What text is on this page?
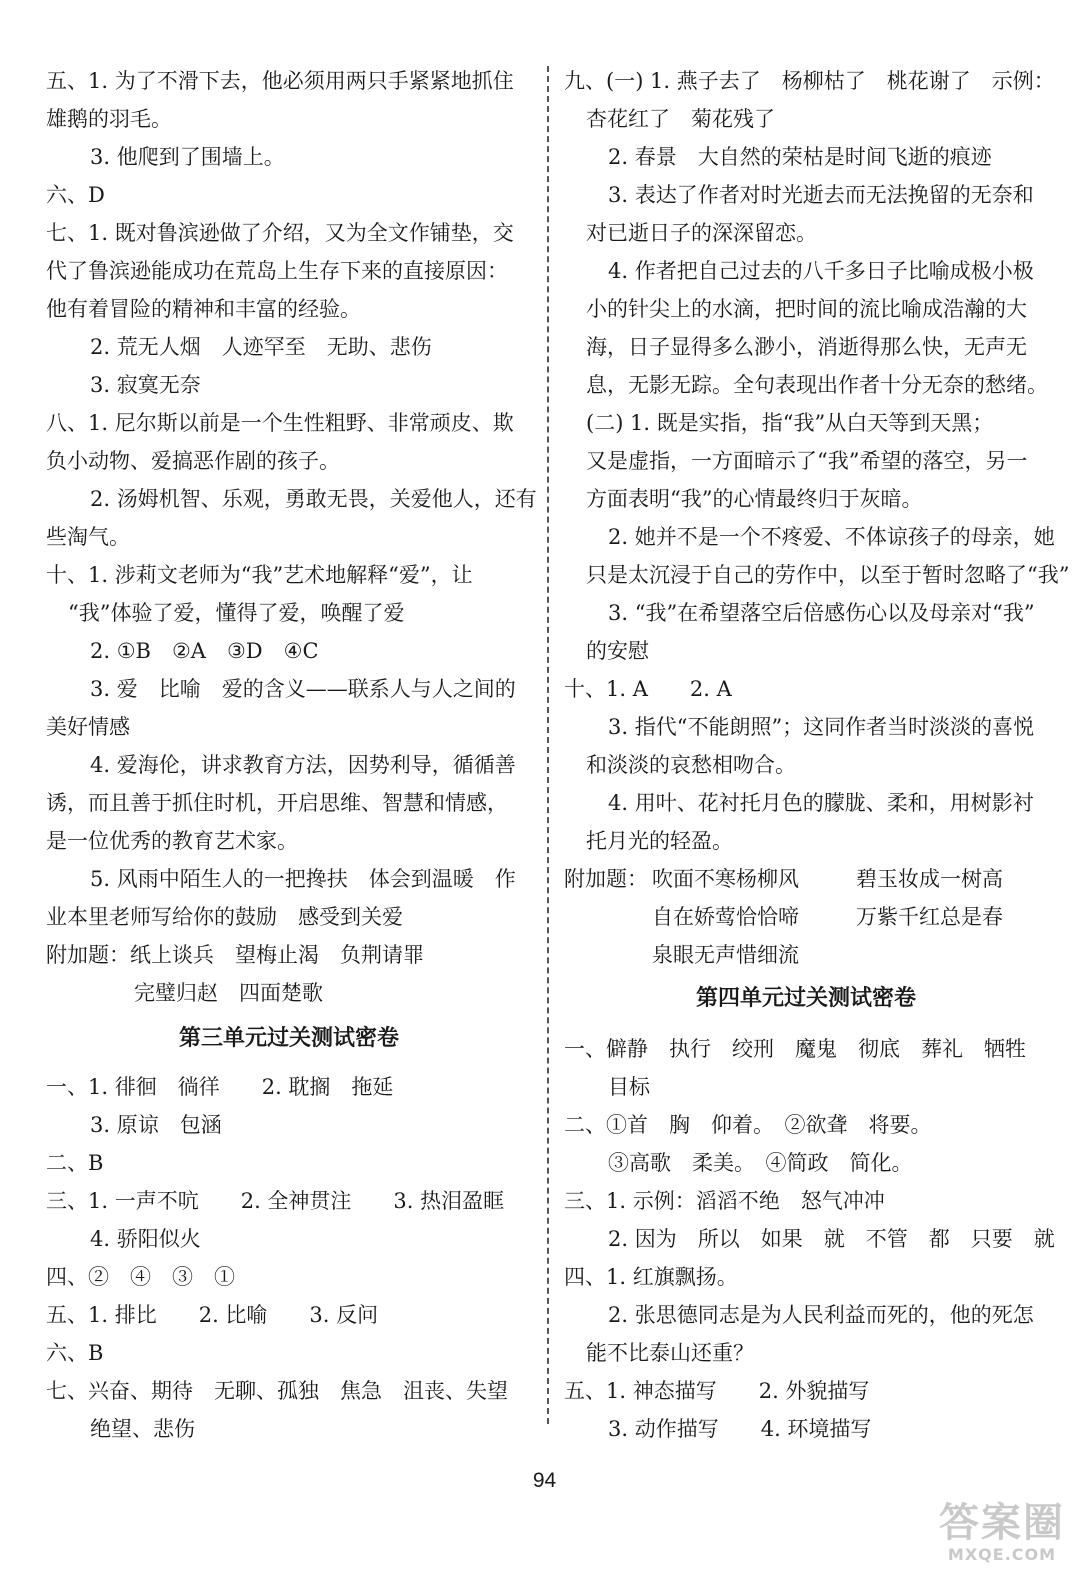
五、1. 为了不滑下去，他必须用两只手紧紧地抓住
雄鹅的羽毛。
3. 他爬到了围墙上。
六、D
七、1. 既对鲁滨逊做了介绍，又为全文作铺垫，交
代了鲁滨逊能成功在荒岛上生存下来的直接原因：
他有着冒险的精神和丰富的经验。
2. 荒无人烟　人迹罕至　无助、悲伤
3. 寂寞无奈
八、1. 尼尔斯以前是一个生性粗野、非常顽皮、欺
负小动物、爱搞恶作剧的孩子。
2. 汤姆机智、乐观，勇敢无畏，关爱他人，还有
些淘气。
十、1. 涉莉文老师为“我”艺术地解释“爱”，让
“我”体验了爱，懂得了爱，唤醒了爱
2. ①B　②A　③D　④C
3. 爱　比喻　爱的含义——联系人与人之间的
美好情感
4. 爱海伦，讲求教育方法，因势利导，循循善
诱，而且善于抓住时机，开启思维、智慧和情感，
是一位优秀的教育艺术家。
5. 风雨中陌生人的一把搀扶　体会到温暖　作
业本里老师写给你的鼓励　感受到关爱
附加题：纸上谈兵　望梅止渴　负荆请罪
完璧归赵　四面楚歌
第三单元过关测试密卷
一、1. 徘徊　徜徉　　2. 耽搁　拖延
3. 原谅　包涵
二、B
三、1. 一声不吭　　2. 全神贯注　　3. 热泪盈眶
4. 骄阳似火
四、②　④　③　①
五、1. 排比　　2. 比喻　　3. 反问
六、B
七、兴奋、期待　无聊、孤独　焦急　沮丧、失望
绝望、悲伤
九、(一) 1. 燕子去了　杨柳枯了　桃花谢了　示例：
杏花红了　菊花残了
2. 春景　大自然的荣枯是时间飞逝的痕迹
3. 表达了作者对时光逝去而无法挽留的无奈和
对已逝日子的深深留恋。
4. 作者把自己过去的八千多日子比喻成极小极
小的针尖上的水滴，把时间的流比喻成浩瀚的大
海，日子显得多么渺小，消逝得那么快，无声无
息，无影无踪。全句表现出作者十分无奈的愁绪。
(二) 1. 既是实指，指“我”从白天等到天黑；
又是虚指，一方面暗示了“我”希望的落空，另一
方面表明“我”的心情最终归于灰暗。
2. 她并不是一个不疼爱、不体谅孩子的母亲，她
只是太沉浸于自己的劳作中，以至于暂时忽略了“我”
3. “我”在希望落空后倍感伤心以及母亲对“我”
的安慰
十、1. A　　2. A
3. 指代“不能朗照”；这同作者当时淡淡的喜悦
和淡淡的哀愁相吻合。
4. 用叶、花衬托月色的朦胧、柔和，用树影衬
托月光的轻盈。
附加题： 吹面不寒杨柳风	碧玉妆成一树高
自在娇莺恰恰啼	万紫千红总是春
泉眼无声惜细流
第四单元过关测试密卷
一、僻静　执行　绞刑　魔鬼　彻底　葬礼　牺牲
目标
二、①首　胸　仰着。　②欲聋　将要。
③高歌　柔美。　④简政　简化。
三、1. 示例：滔滔不绝　怒气冲冲
2. 因为　所以　如果　就　不管　都　只要　就
四、1. 红旗飘扬。
2. 张思德同志是为人民利益而死的，他的死怎
能不比泰山还重？
五、1. 神态描写　　2. 外貌描写
3. 动作描写　　4. 环境描写
94
答案圈
MXQE.COM
